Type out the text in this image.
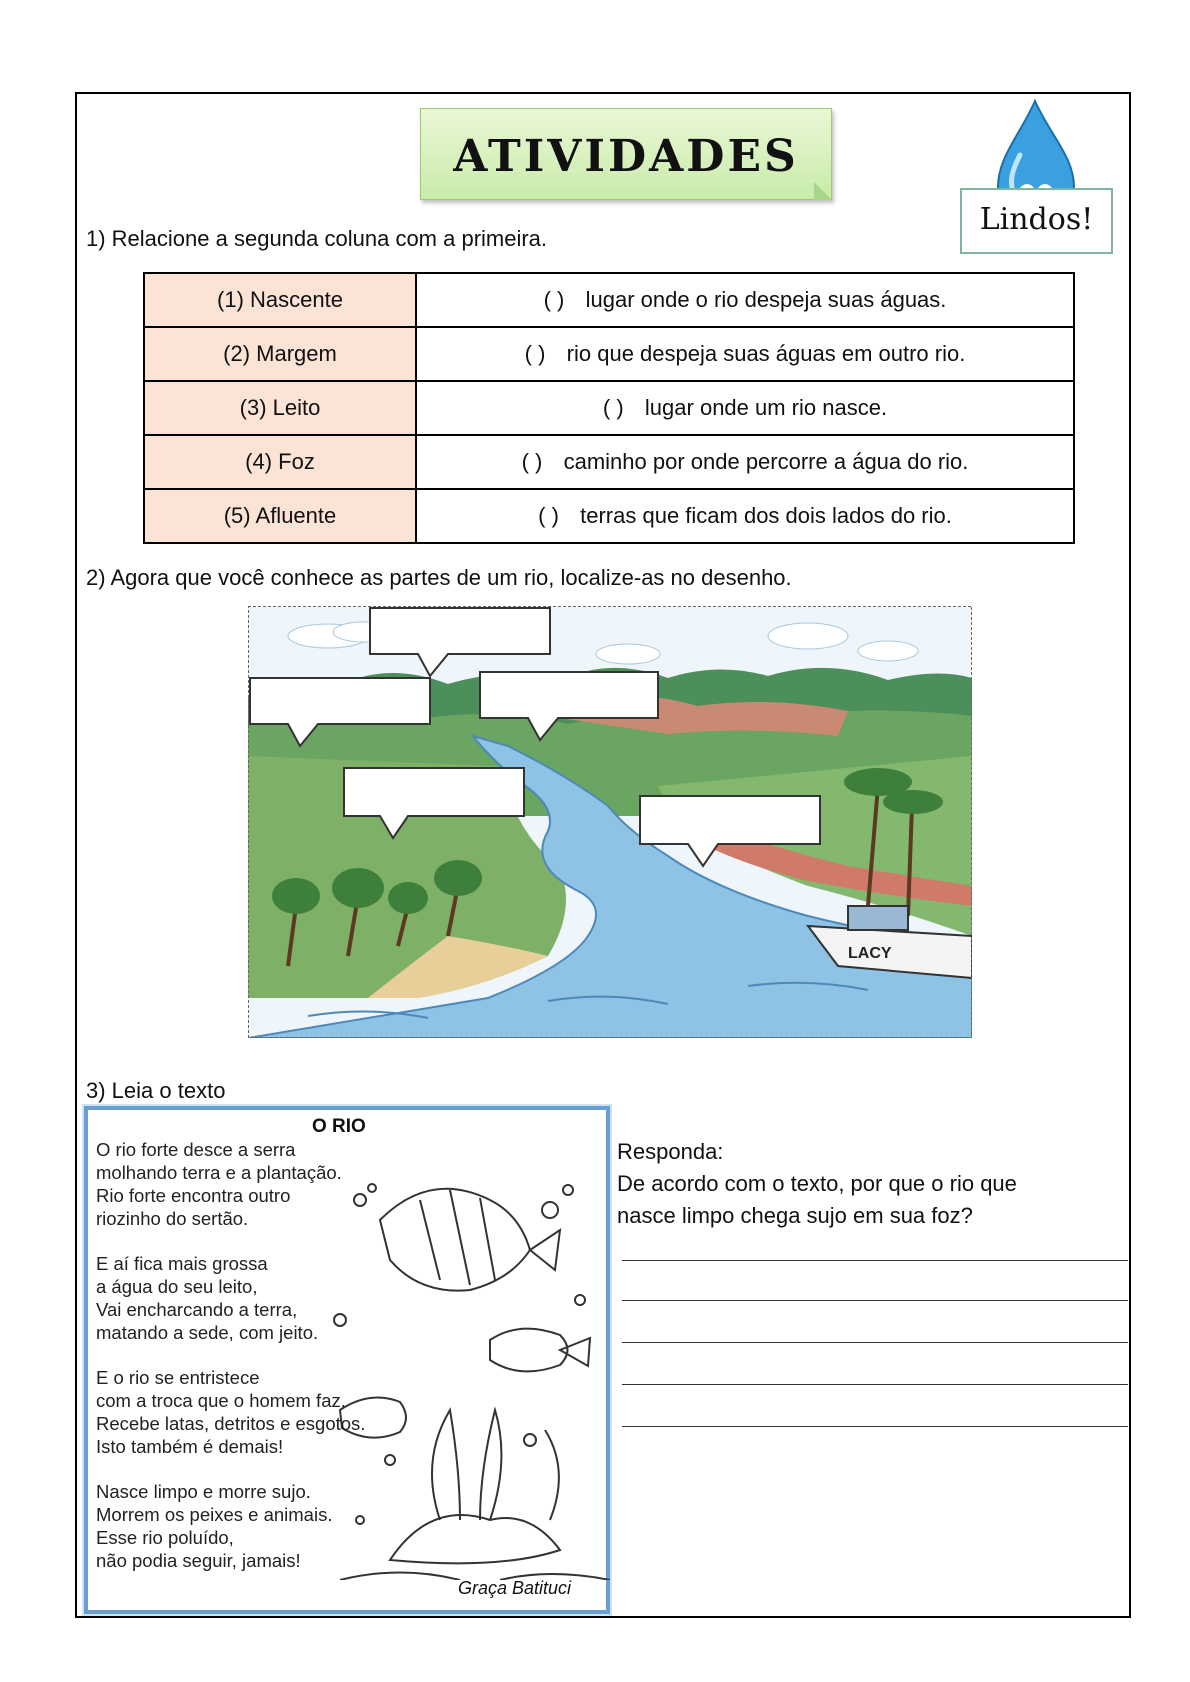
ATIVIDADES
Lindos!
1) Relacione a segunda coluna com a primeira.
(1) Nascente	( ) lugar onde o rio despeja suas águas.
(2) Margem	( ) rio que despeja suas águas em outro rio.
(3) Leito	( ) lugar onde um rio nasce.
(4) Foz	( ) caminho por onde percorre a água do rio.
(5) Afluente	( ) terras que ficam dos dois lados do rio.
2) Agora que você conhece as partes de um rio, localize-as no desenho.
LACY
3) Leia o texto
O RIO
O rio forte desce a serra
molhando terra e a plantação.
Rio forte encontra outro
riozinho do sertão.
E aí fica mais grossa
a água do seu leito,
Vai encharcando a terra,
matando a sede, com jeito.
E o rio se entristece
com a troca que o homem faz.
Recebe latas, detritos e esgotos.
Isto também é demais!
Nasce limpo e morre sujo.
Morrem os peixes e animais.
Esse rio poluído,
não podia seguir, jamais!
Graça Batituci
Responda:
De acordo com o texto, por que o rio que
nasce limpo chega sujo em sua foz?
